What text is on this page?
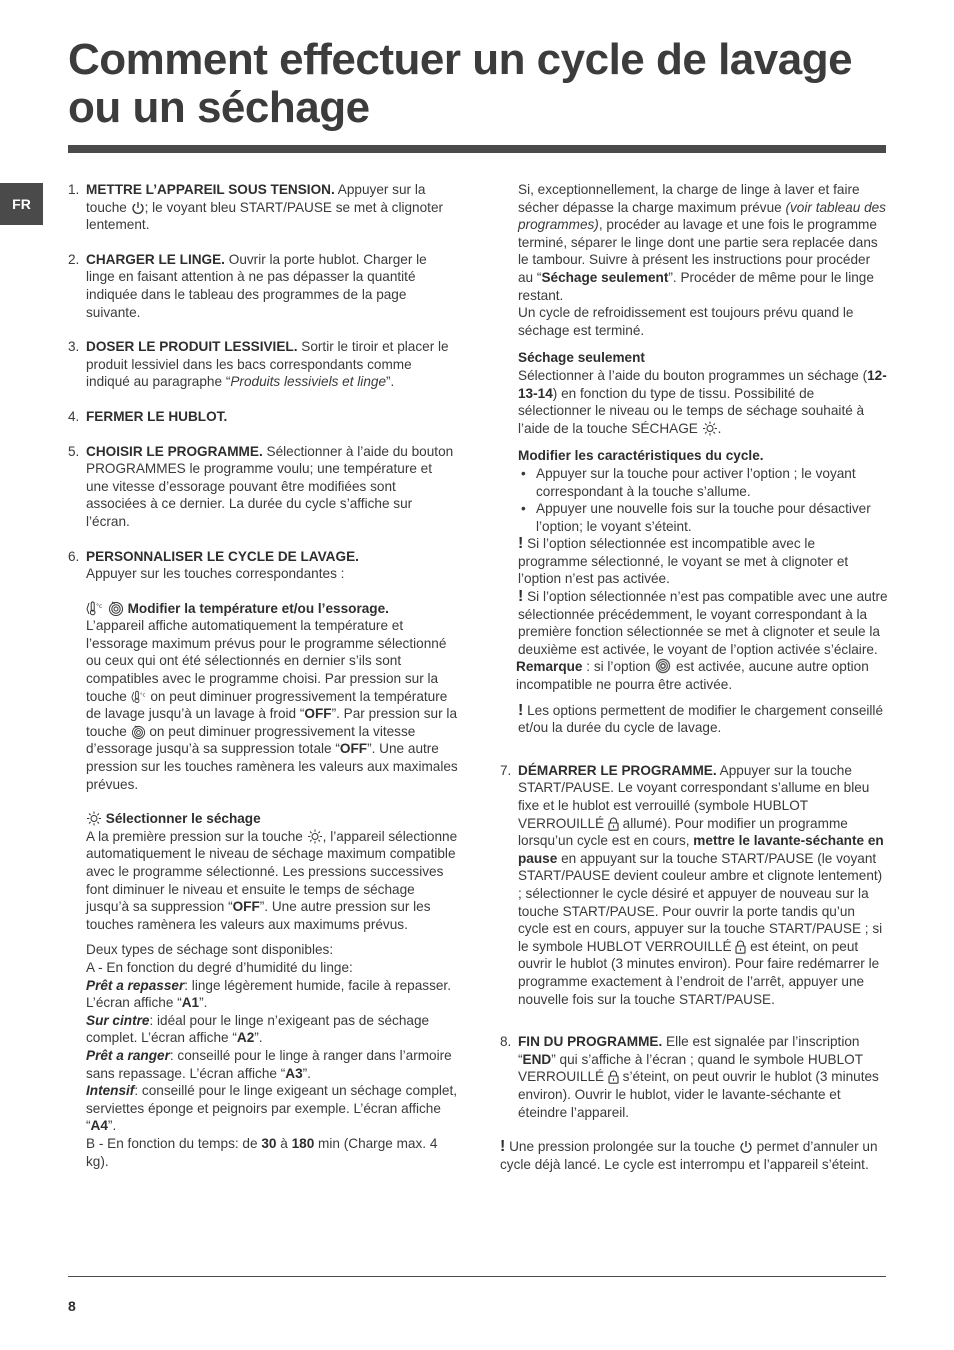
Comment effectuer un cycle de lavage ou un séchage
FR
1. METTRE L’APPAREIL SOUS TENSION. Appuyer sur la touche
; le voyant bleu START/PAUSE se met à clignoter lentement.

2. CHARGER LE LINGE. Ouvrir la porte hublot. Charger le linge en faisant attention à ne pas dépasser la quantité indiquée dans le tableau des programmes de la page suivante.

3. DOSER LE PRODUIT LESSIVIEL. Sortir le tiroir et placer le produit lessiviel dans les bacs correspondants comme indiqué au paragraphe “Produits lessiviels et linge”.

4. FERMER LE HUBLOT.

5. CHOISIR LE PROGRAMME. Sélectionner à l’aide du bouton PROGRAMMES le programme voulu; une température et une vitesse d’essorage pouvant être modifiées sont associées à ce dernier. La durée du cycle s’affiche sur l’écran.

6. PERSONNALISER LE CYCLE DE LAVAGE.

Appuyer sur les touches correspondantes :

°c
Modifier la température et/ou l’essorage.

L’appareil affiche automatiquement la température et l’essorage maximum prévus pour le programme sélectionné ou ceux qui ont été sélectionnés en dernier s’ils sont compatibles avec le programme choisi. Par pression sur la touche °c on peut diminuer progressivement la température de lavage jusqu’à un lavage à froid “OFF”. Par pression sur la touche
on peut diminuer progressivement la vitesse d’essorage jusqu’à sa suppression totale “OFF”. Une autre pression sur les touches ramènera les valeurs aux maximales prévues.

Sélectionner le séchage

A la première pression sur la touche
, l’appareil sélectionne automatiquement le niveau de séchage maximum compatible avec le programme sélectionné. Les pressions successives font diminuer le niveau et ensuite le temps de séchage jusqu’à sa suppression “OFF”. Une autre pression sur les touches ramènera les valeurs aux maximums prévus.

Deux types de séchage sont disponibles:

A - En fonction du degré d’humidité du linge:

Prêt a repasser: linge légèrement humide, facile à repasser. L’écran affiche “A1”.

Sur cintre: idéal pour le linge n’exigeant pas de séchage complet. L’écran affiche “A2”.

Prêt a ranger: conseillé pour le linge à ranger dans l’armoire sans repassage. L’écran affiche “A3”.

Intensif: conseillé pour le linge exigeant un séchage complet, serviettes éponge et peignoirs par exemple. L’écran affiche “A4”.

B - En fonction du temps: de 30 à 180 min (Charge max. 4 kg).

Si, exceptionnellement, la charge de linge à laver et faire sécher dépasse la charge maximum prévue (voir tableau des programmes), procéder au lavage et une fois le programme terminé, séparer le linge dont une partie sera replacée dans le tambour. Suivre à présent les instructions pour procéder au “Séchage seulement”. Procéder de même pour le linge restant.

Un cycle de refroidissement est toujours prévu quand le séchage est terminé.

Séchage seulement

Sélectionner à l’aide du bouton programmes un séchage (12-13-14) en fonction du type de tissu. Possibilité de sélectionner le niveau ou le temps de séchage souhaité à l’aide de la touche SÉCHAGE
.

Modifier les caractéristiques du cycle.

• Appuyer sur la touche pour activer l’option ; le voyant correspondant à la touche s’allume.
• Appuyer une nouvelle fois sur la touche pour désactiver l’option; le voyant s’éteint.

! Si l’option sélectionnée est incompatible avec le programme sélectionné, le voyant se met à clignoter et l’option n’est pas activée.

! Si l’option sélectionnée n’est pas compatible avec une autre sélectionnée précédemment, le voyant correspondant à la première fonction sélectionnée se met à clignoter et seule la deuxième est activée, le voyant de l’option activée s’éclaire.

Remarque : si l’option
est activée, aucune autre option incompatible ne pourra être activée.

! Les options permettent de modifier le chargement conseillé et/ou la durée du cycle de lavage.

7. DÉMARRER LE PROGRAMME. Appuyer sur la touche START/PAUSE. Le voyant correspondant s’allume en bleu fixe et le hublot est verrouillé (symbole HUBLOT VERROUILLÉ
allumé). Pour modifier un programme lorsqu’un cycle est en cours, mettre le lavante-séchante en pause en appuyant sur la touche START/PAUSE (le voyant START/PAUSE devient couleur ambre et clignote lentement) ; sélectionner le cycle désiré et appuyer de nouveau sur la touche START/PAUSE. Pour ouvrir la porte tandis qu’un cycle est en cours, appuyer sur la touche START/PAUSE ; si le symbole HUBLOT VERROUILLÉ
est éteint, on peut ouvrir le hublot (3 minutes environ). Pour faire redémarrer le programme exactement à l’endroit de l’arrêt, appuyer une nouvelle fois sur la touche START/PAUSE.

8. FIN DU PROGRAMME. Elle est signalée par l’inscription “END” qui s’affiche à l’écran ; quand le symbole HUBLOT VERROUILLÉ
s’éteint, on peut ouvrir le hublot (3 minutes environ). Ouvrir le hublot, vider le lavante-séchante et éteindre l’appareil.

! Une pression prolongée sur la touche
permet d’annuler un cycle déjà lancé. Le cycle est interrompu et l’appareil s’éteint.

8
